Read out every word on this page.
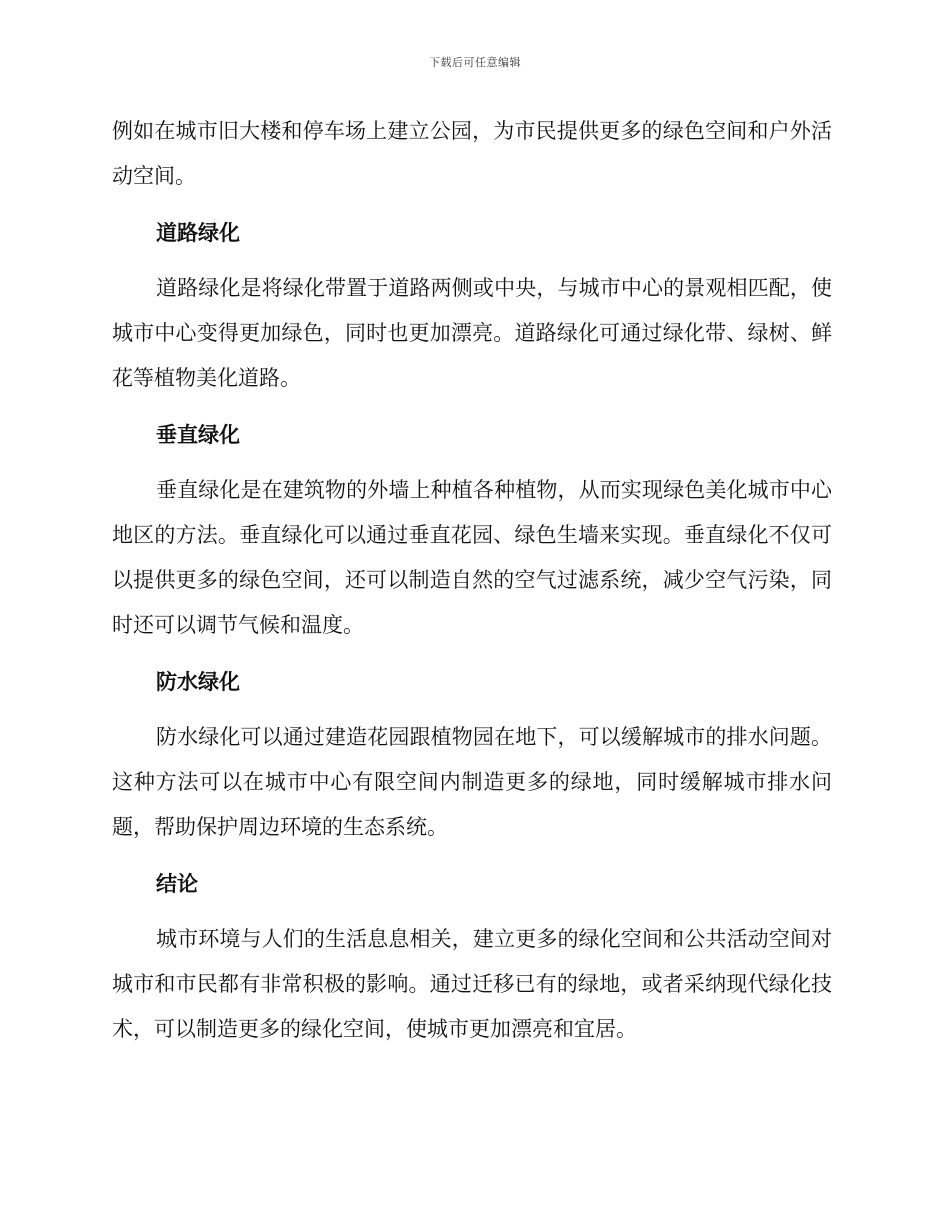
下载后可任意编辑

例如在城市旧大楼和停车场上建立公园，为市民提供更多的绿色空间和户外活动空间。

道路绿化

道路绿化是将绿化带置于道路两侧或中央，与城市中心的景观相匹配，使城市中心变得更加绿色，同时也更加漂亮。道路绿化可通过绿化带、绿树、鲜花等植物美化道路。

垂直绿化

垂直绿化是在建筑物的外墙上种植各种植物，从而实现绿色美化城市中心地区的方法。垂直绿化可以通过垂直花园、绿色生墙来实现。垂直绿化不仅可以提供更多的绿色空间，还可以制造自然的空气过滤系统，减少空气污染，同时还可以调节气候和温度。

防水绿化

防水绿化可以通过建造花园跟植物园在地下，可以缓解城市的排水问题。这种方法可以在城市中心有限空间内制造更多的绿地，同时缓解城市排水问题，帮助保护周边环境的生态系统。

结论

城市环境与人们的生活息息相关，建立更多的绿化空间和公共活动空间对城市和市民都有非常积极的影响。通过迁移已有的绿地，或者采纳现代绿化技术，可以制造更多的绿化空间，使城市更加漂亮和宜居。
